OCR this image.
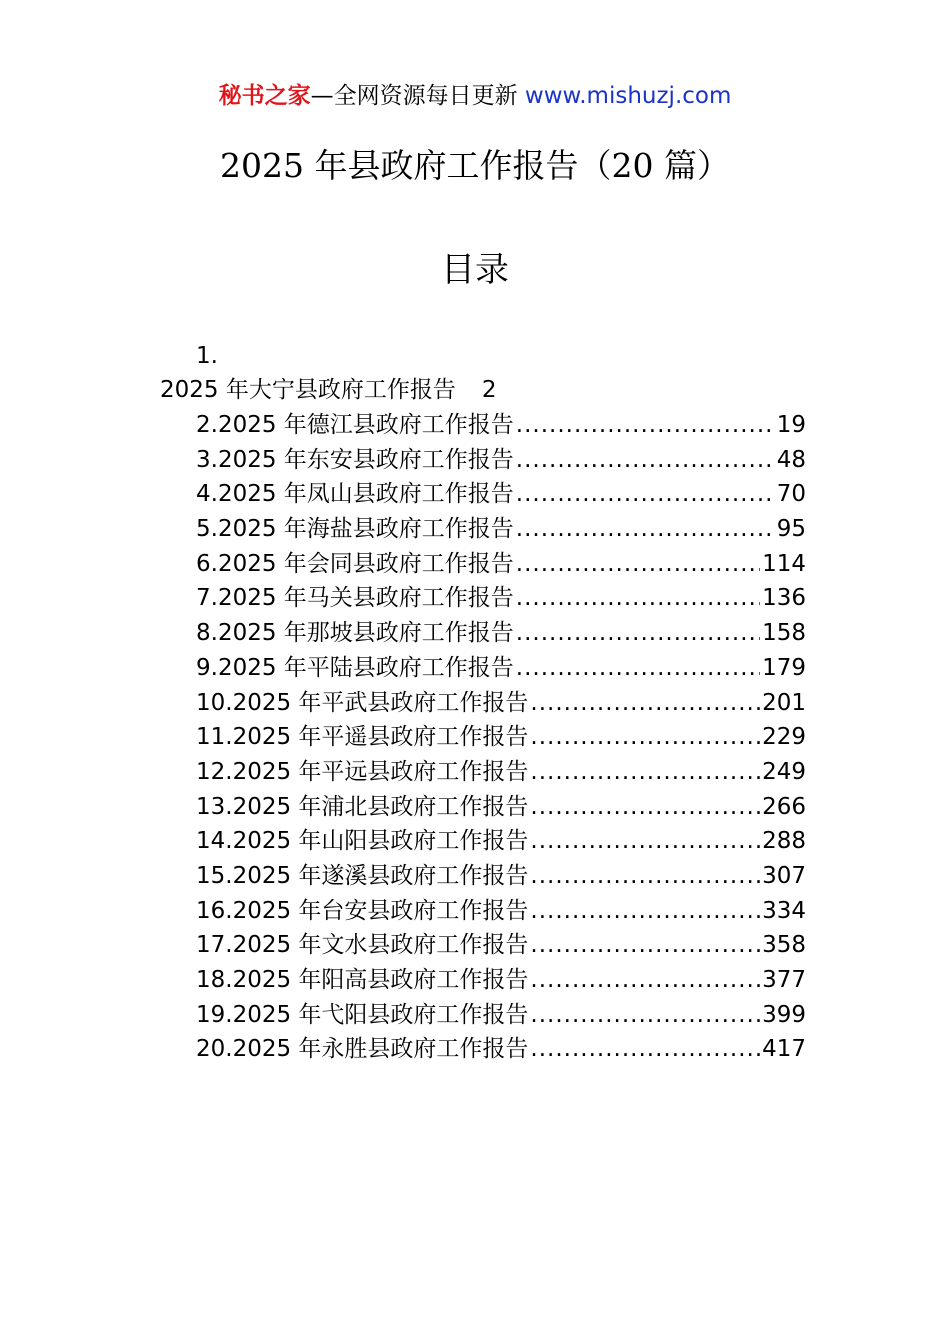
秘书之家—全网资源每日更新 www.mishuzj.com
2025 年县政府工作报告（20 篇）
目录
1.
2025 年大宁县政府工作报告 2
2.2025 年德江县政府工作报告 .....	19
3.2025 年东安县政府工作报告 .....	48
4.2025 年凤山县政府工作报告 .....	70
5.2025 年海盐县政府工作报告 .....	95
6.2025 年会同县政府工作报告 .....	114
7.2025 年马关县政府工作报告 .....	136
8.2025 年那坡县政府工作报告 .....	158
9.2025 年平陆县政府工作报告 .....	179
10.2025 年平武县政府工作报告 .....	201
11.2025 年平遥县政府工作报告 .....	229
12.2025 年平远县政府工作报告 .....	249
13.2025 年浦北县政府工作报告 .....	266
14.2025 年山阳县政府工作报告 .....	288
15.2025 年遂溪县政府工作报告 .....	307
16.2025 年台安县政府工作报告 .....	334
17.2025 年文水县政府工作报告 .....	358
18.2025 年阳高县政府工作报告 .....	377
19.2025 年弋阳县政府工作报告 .....	399
20.2025 年永胜县政府工作报告 .....	417
